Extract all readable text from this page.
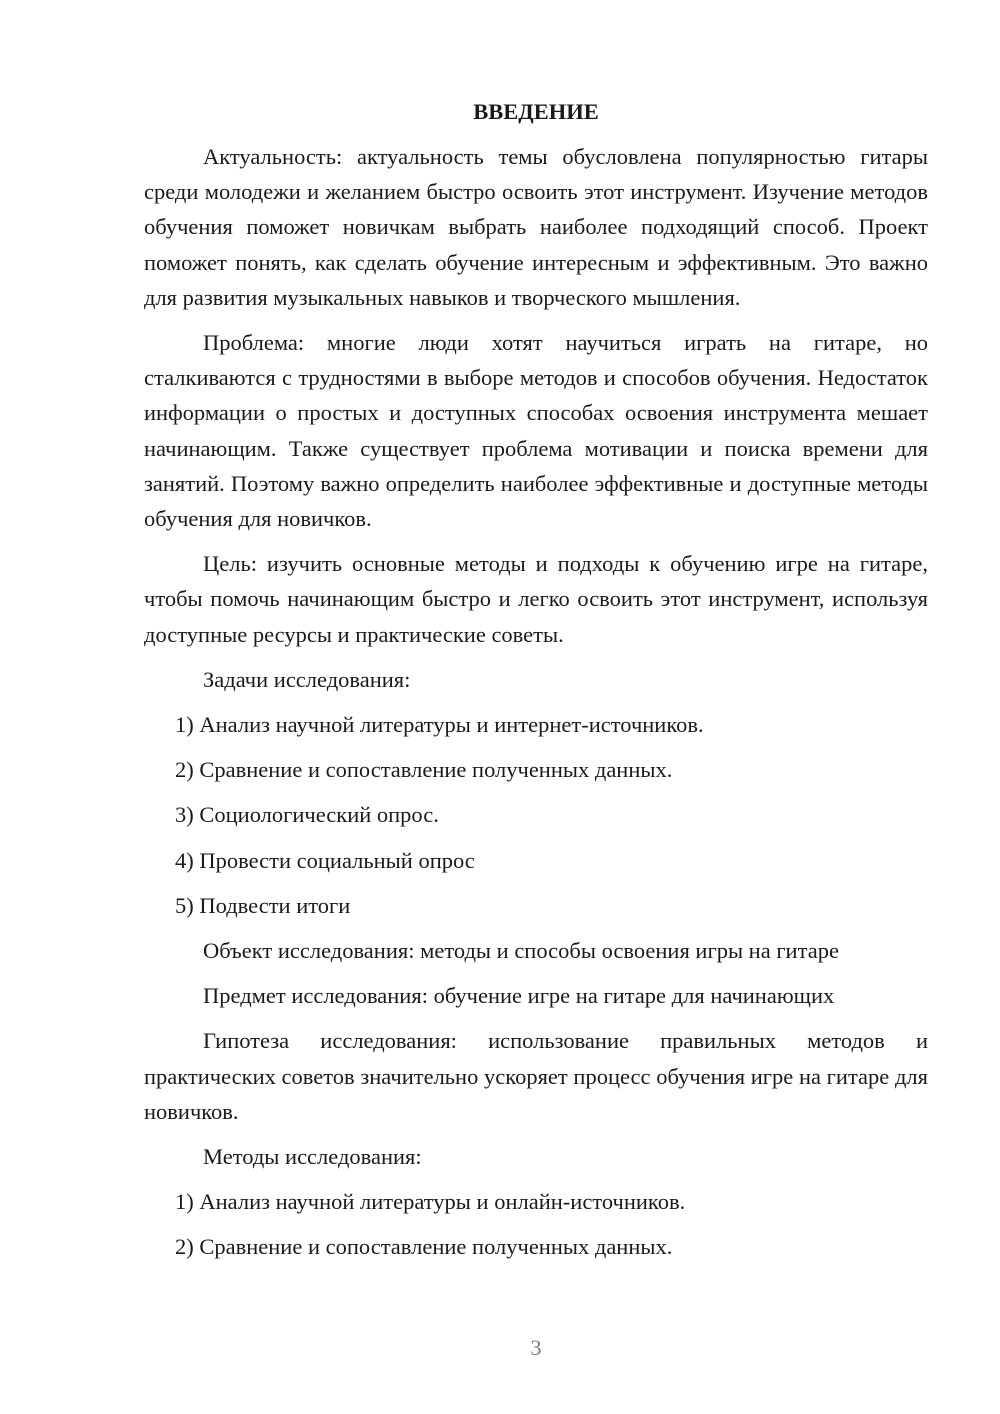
ВВЕДЕНИЕ

Актуальность: актуальность темы обусловлена популярностью гитары среди молодежи и желанием быстро освоить этот инструмент. Изучение методов обучения поможет новичкам выбрать наиболее подходящий способ. Проект поможет понять, как сделать обучение интересным и эффективным. Это важно для развития музыкальных навыков и творческого мышления.

Проблема: многие люди хотят научиться играть на гитаре, но сталкиваются с трудностями в выборе методов и способов обучения. Недостаток информации о простых и доступных способах освоения инструмента мешает начинающим. Также существует проблема мотивации и поиска времени для занятий. Поэтому важно определить наиболее эффективные и доступные методы обучения для новичков.

Цель: изучить основные методы и подходы к обучению игре на гитаре, чтобы помочь начинающим быстро и легко освоить этот инструмент, используя доступные ресурсы и практические советы.

Задачи исследования:
1) Анализ научной литературы и интернет-источников.
2) Сравнение и сопоставление полученных данных.
3) Социологический опрос.
4) Провести социальный опрос
5) Подвести итоги
Объект исследования: методы и способы освоения игры на гитаре
Предмет исследования: обучение игре на гитаре для начинающих

Гипотеза исследования: использование правильных методов и практических советов значительно ускоряет процесс обучения игре на гитаре для новичков.

Методы исследования:
1) Анализ научной литературы и онлайн-источников.
2) Сравнение и сопоставление полученных данных.
3
